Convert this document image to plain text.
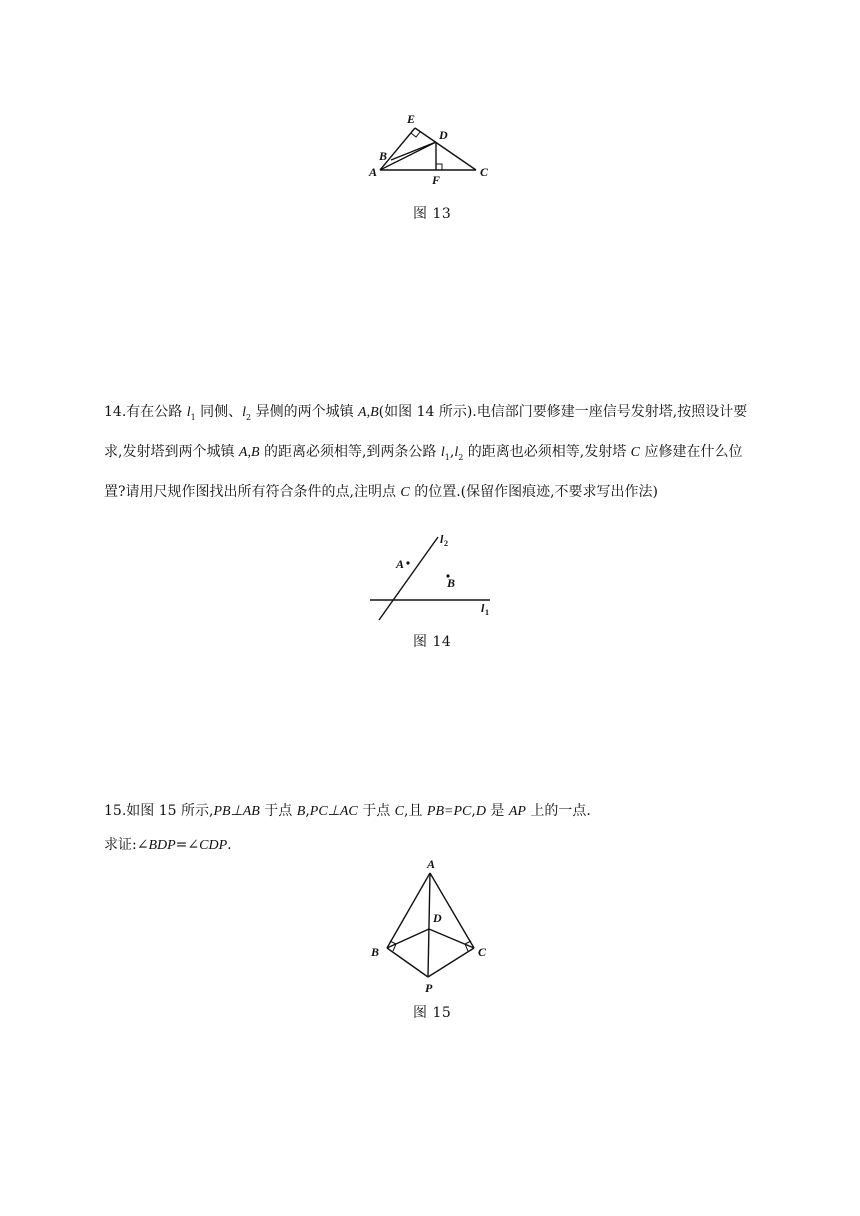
E
D
B
A
F
C
图 13
14.有在公路 $l_1$ 同侧、$l_2$ 异侧的两个城镇 A,B(如图 14 所示).电信部门要修建一座信号发射塔,按照设计要求,发射塔到两个城镇 A,B 的距离必须相等,到两条公路 $l_1,l_2$ 的距离也必须相等,发射塔 C 应修建在什么位置?请用尺规作图找出所有符合条件的点,注明点 C 的位置.(保留作图痕迹,不要求写出作法)
A
B
l 2
l 1
图 14
15.如图 15 所示,PB⊥AB 于点 B,PC⊥AC 于点 C,且 PB=PC,D 是 AP 上的一点.
求证:∠BDP=∠CDP.
A
D
B	C
P
图 15
